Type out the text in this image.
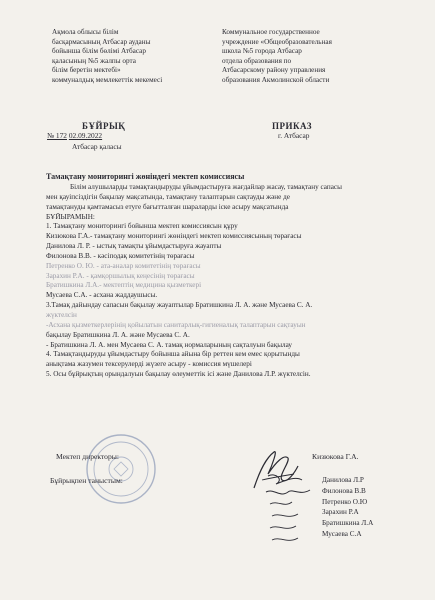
Ақмола облысы білім
басқармасының Атбасар ауданы
бойынша білім бөлімі Атбасар
қаласының №5 жалпы орта
білім беретін мектебі»
коммуналдық мемлекеттік мекемесі
Коммунальное государственное
учреждение «Общеобразовательная
школа №5 города Атбасар
отдела образования по
Атбасарскому району управления
образования Акмолинской области
БҰЙРЫҚ	ПРИКАЗ
№ 172 02.09.2022	г. Атбасар
Атбасар қаласы
Тамақтану мониторингі жөніндегі мектеп комиссиясы
Білім алушыларды тамақтандыруды ұйымдастыруға жағдайлар жасау, тамақтану сапасы
мен қауіпсіздігін бақылау мақсатында, тамақтану талаптарын сақтауды және де
тамақтануды қамтамасыз етуге бағытталған шараларды іске асыру мақсатында
БҰЙЫРАМЫН:
1. Тамақтану мониторингі бойынша мектеп комиссиясын құру
Кизюкова Г.А.- тамақтану мониторингі жөніндегі мектеп комиссиясының төрағасы
Данилова Л. Р. - ыстық тамақты ұйымдастыруға жауапты
Филонова В.В. - кәсіподақ комитетінің төрағасы
Петренко О. Ю. - ата-аналар комитетінің төрағасы
Зарахин Р.А. - қамқоршылық кеңесінің төрағасы
Братишкина Л.А.- мектептің медицина қызметкері
Мусаева С.А. - асхана жаддаушысы.
3.Тамақ дайындау сапасын бақылау жауаптылар Братишкина Л. А. және Мусаева С. А.
жүктелсін
-Асхана қызметкерлерінің қойылатын санитарлық-гигиеналық талаптарын сақтауын
бақылау Братишкина Л. А. және Мусаева С. А.
- Братишкина Л. А. мен Мусаева С. А. тамақ нормаларының сақталуын бақылау
4. Тамақтандыруды ұйымдастыру бойынша айына бір реттен кем емес қорытынды
анықтама жазумен тексерулерді жүзеге асыру - комиссия мүшелері
5. Осы бұйрықтың орындалуын бақылау өлеуметтік ісі және Данилова Л.Р. жүктелсін.
Мектеп директоры:	Кизюкова Г.А.
Бұйрықпен таныстым:	Данилова Л.Р
Филонова В.В
Петренко О.Ю
Зарахин Р.А
Братишкина Л.А
Мусаева С.А
